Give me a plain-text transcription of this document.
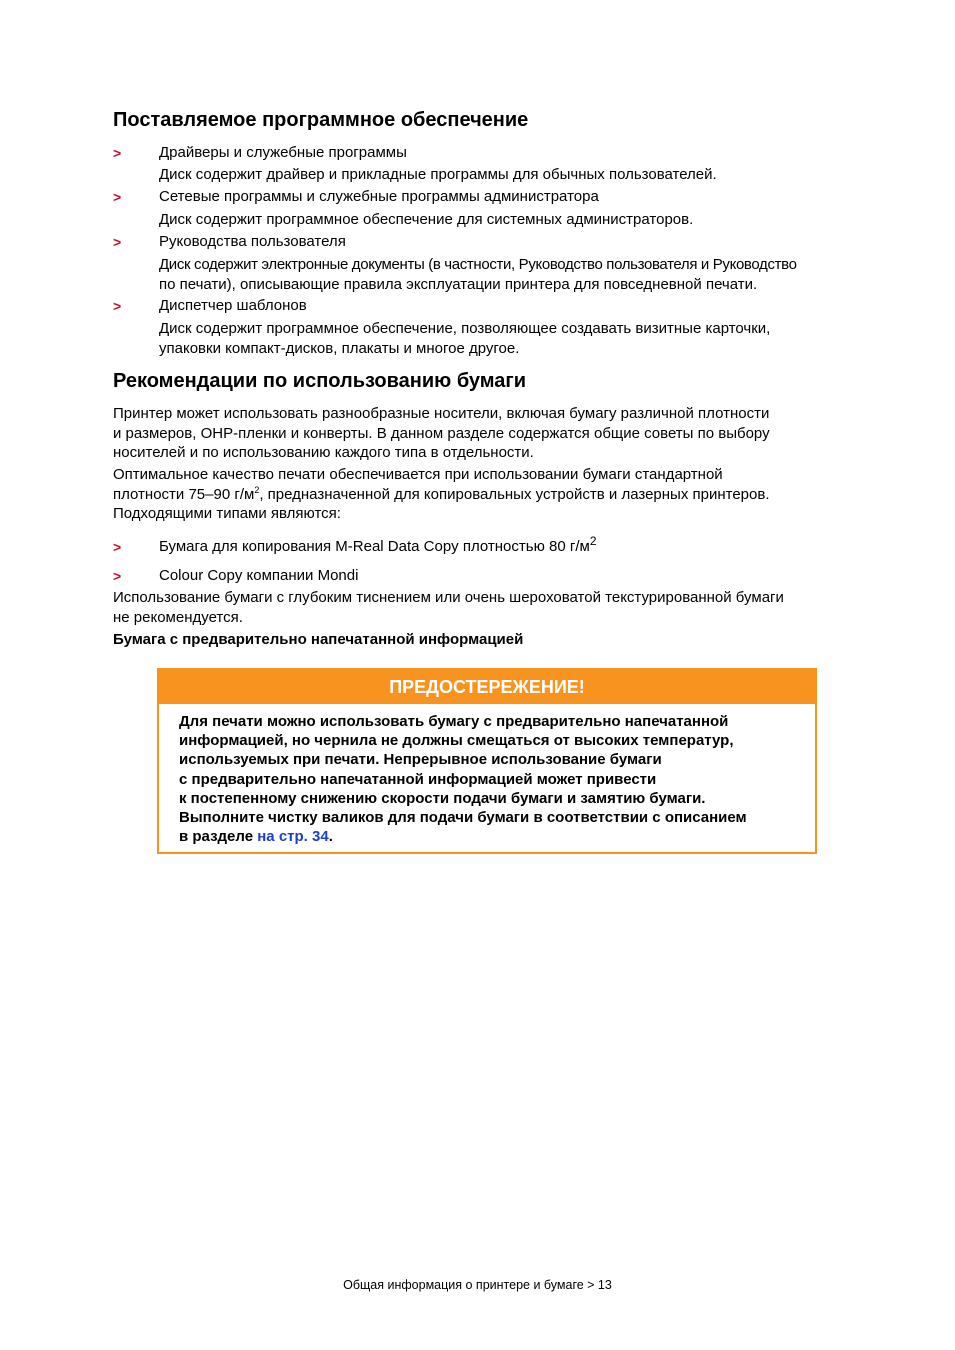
Поставляемое программное обеспечение
>	Драйверы и служебные программы
Диск содержит драйвер и прикладные программы для обычных пользователей.
>	Сетевые программы и служебные программы администратора
Диск содержит программное обеспечение для системных администраторов.
>	Руководства пользователя
Диск содержит электронные документы (в частности, Руководство пользователя и Руководство
по печати), описывающие правила эксплуатации принтера для повседневной печати.
>	Диспетчер шаблонов
Диск содержит программное обеспечение, позволяющее создавать визитные карточки,
упаковки компакт-дисков, плакаты и многое другое.
Рекомендации по использованию бумаги
Принтер может использовать разнообразные носители, включая бумагу различной плотности
и размеров, OHP-пленки и конверты. В данном разделе содержатся общие советы по выбору
носителей и по использованию каждого типа в отдельности.
Оптимальное качество печати обеспечивается при использовании бумаги стандартной
плотности 75–90 $г/м^2$, предназначенной для копировальных устройств и лазерных принтеров.
Подходящими типами являются:
>	Бумага для копирования M-Real Data Copy плотностью 80 $г/м^2$
>	Colour Copy компании Mondi
Использование бумаги с глубоким тиснением или очень шероховатой текстурированной бумаги
не рекомендуется.
Бумага с предварительно напечатанной информацией
ПРЕДОСТЕРЕЖЕНИЕ!
Для печати можно использовать бумагу с предварительно напечатанной
информацией, но чернила не должны смещаться от высоких температур,
используемых при печати. Непрерывное использование бумаги
с предварительно напечатанной информацией может привести
к постепенному снижению скорости подачи бумаги и замятию бумаги.
Выполните чистку валиков для подачи бумаги в соответствии с описанием
в разделе на стр. 34.
Общая информация о принтере и бумаге > 13
